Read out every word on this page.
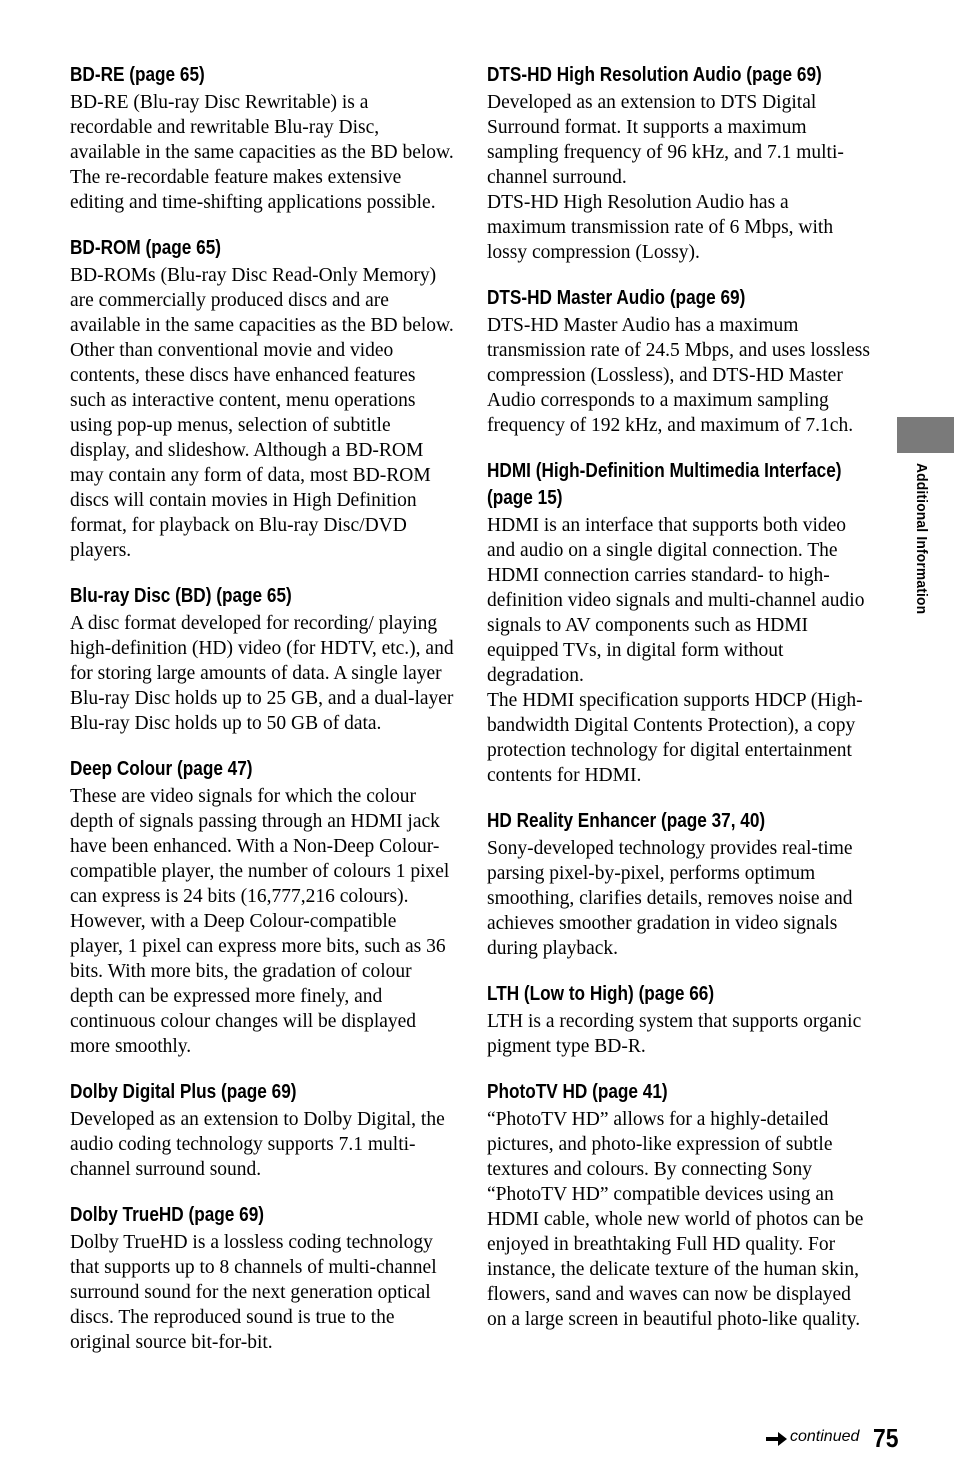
BD-RE (page 65)

BD-RE (Blu-ray Disc Rewritable) is a recordable and rewritable Blu-ray Disc, available in the same capacities as the BD below. The re-recordable feature makes extensive editing and time-shifting applications possible.

BD-ROM (page 65)

BD-ROMs (Blu-ray Disc Read-Only Memory) are commercially produced discs and are available in the same capacities as the BD below. Other than conventional movie and video contents, these discs have enhanced features such as interactive content, menu operations using pop-up menus, selection of subtitle display, and slideshow. Although a BD-ROM may contain any form of data, most BD-ROM discs will contain movies in High Definition format, for playback on Blu-ray Disc/DVD players.

Blu-ray Disc (BD) (page 65)

A disc format developed for recording/ playing high-definition (HD) video (for HDTV, etc.), and for storing large amounts of data. A single layer Blu-ray Disc holds up to 25 GB, and a dual-layer Blu-ray Disc holds up to 50 GB of data.

Deep Colour (page 47)

These are video signals for which the colour depth of signals passing through an HDMI jack have been enhanced. With a Non-Deep Colour-compatible player, the number of colours 1 pixel can express is 24 bits (16,777,216 colours). However, with a Deep Colour-compatible player, 1 pixel can express more bits, such as 36 bits. With more bits, the gradation of colour depth can be expressed more finely, and continuous colour changes will be displayed more smoothly.

Dolby Digital Plus (page 69)

Developed as an extension to Dolby Digital, the audio coding technology supports 7.1 multi-channel surround sound.

Dolby TrueHD (page 69)

Dolby TrueHD is a lossless coding technology that supports up to 8 channels of multi-channel surround sound for the next generation optical discs. The reproduced sound is true to the original source bit-for-bit.

DTS-HD High Resolution Audio (page 69)

Developed as an extension to DTS Digital Surround format. It supports a maximum sampling frequency of 96 kHz, and 7.1 multi-channel surround.

DTS-HD High Resolution Audio has a maximum transmission rate of 6 Mbps, with lossy compression (Lossy).

DTS-HD Master Audio (page 69)

DTS-HD Master Audio has a maximum transmission rate of 24.5 Mbps, and uses lossless compression (Lossless), and DTS-HD Master Audio corresponds to a maximum sampling frequency of 192 kHz, and maximum of 7.1ch.

HDMI (High-Definition Multimedia Interface) (page 15)

HDMI is an interface that supports both video and audio on a single digital connection. The HDMI connection carries standard- to high-definition video signals and multi-channel audio signals to AV components such as HDMI equipped TVs, in digital form without degradation.

The HDMI specification supports HDCP (High-bandwidth Digital Contents Protection), a copy protection technology for digital entertainment contents for HDMI.

HD Reality Enhancer (page 37, 40)

Sony-developed technology provides real-time parsing pixel-by-pixel, performs optimum smoothing, clarifies details, removes noise and achieves smoother gradation in video signals during playback.

LTH (Low to High) (page 66)

LTH is a recording system that supports organic pigment type BD-R.

PhotoTV HD (page 41)

“PhotoTV HD” allows for a highly-detailed pictures, and photo-like expression of subtle textures and colours. By connecting Sony “PhotoTV HD” compatible devices using an HDMI cable, whole new world of photos can be enjoyed in breathtaking Full HD quality. For instance, the delicate texture of the human skin, flowers, sand and waves can now be displayed on a large screen in beautiful photo-like quality.

Additional Information
continued 75
